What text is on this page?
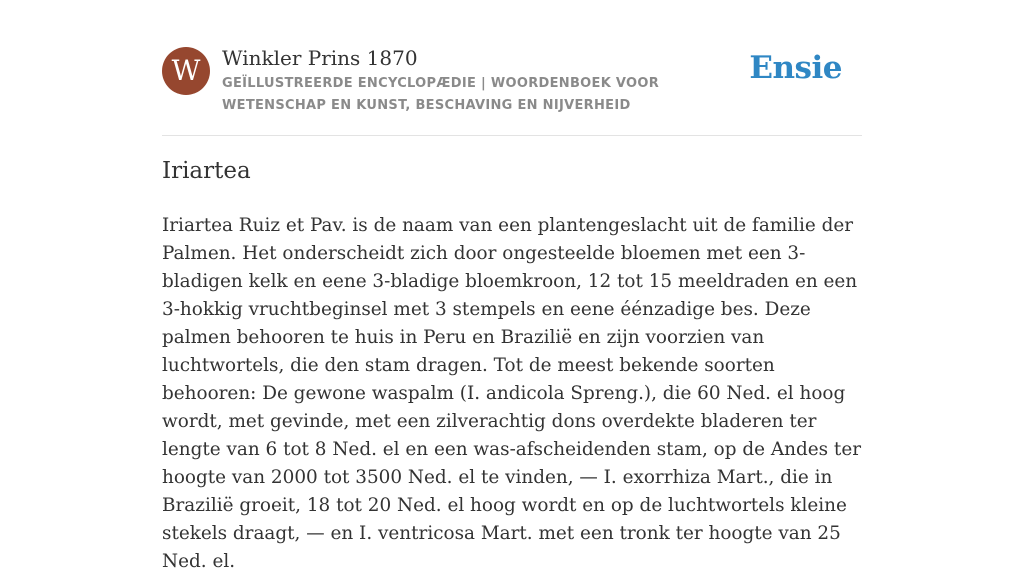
W	Winkler Prins 1870
GEÏLLUSTREERDE ENCYCLOPÆDIE | WOORDENBOEK VOOR WETENSCHAP EN KUNST, BESCHAVING EN NIJVERHEID
Ensie
Iriartea

Iriartea Ruiz et Pav. is de naam van een plantengeslacht uit de familie der Palmen. Het onderscheidt zich door ongesteelde bloemen met een 3-bladigen kelk en eene 3-bladige bloemkroon, 12 tot 15 meeldraden en een 3-hokkig vruchtbeginsel met 3 stempels en eene éénzadige bes. Deze palmen behooren te huis in Peru en Brazilië en zijn voorzien van luchtwortels, die den stam dragen. Tot de meest bekende soorten behooren: De gewone waspalm (I. andicola Spreng.), die 60 Ned. el hoog wordt, met gevinde, met een zilverachtig dons overdekte bladeren ter lengte van 6 tot 8 Ned. el en een was-afscheidenden stam, op de Andes ter hoogte van 2000 tot 3500 Ned. el te vinden, — I. exorrhiza Mart., die in Brazilië groeit, 18 tot 20 Ned. el hoog wordt en op de luchtwortels kleine stekels draagt, — en I. ventricosa Mart. met een tronk ter hoogte van 25 Ned. el.
